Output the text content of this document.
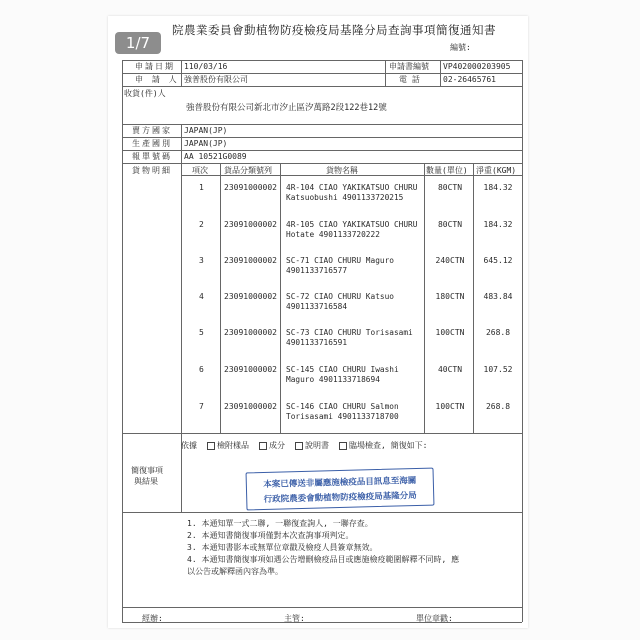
1/7
院農業委員會動植物防疫檢疫局基隆分局查詢事項簡復通知書
編號:
申請日期 110/03/16	申請書編號 VP402000203905
申 請 人 強普股份有限公司	電 話	02-26465761
收貨(件)人
強普股份有限公司新北市汐止區汐萬路2段122巷12號
賣方國家 JAPAN(JP)
生產國別 JAPAN(JP)
報單號碼 AA 10521G0089
貨物明細	項次 貨品分類號列	貨物名稱	數量(單位) 淨重(KGM)
1	23091000002 4R-104 CIAO YAKIKATSUO CHURU
Katsuobushi 4901133720215
80CTN	184.32
2	23091000002 4R-105 CIAO YAKIKATSUO CHURU
Hotate 4901133720222
80CTN	184.32
3	23091000002 SC-71 CIAO CHURU Maguro
4901133716577
240CTN	645.12
4	23091000002 SC-72 CIAO CHURU Katsuo
4901133716584
180CTN	483.84
5	23091000002 SC-73 CIAO CHURU Torisasami
4901133716591
100CTN	268.8
6	23091000002 SC-145 CIAO CHURU Iwashi
Maguro 4901133718694
40CTN	107.52
7	23091000002 SC-146 CIAO CHURU Salmon
Torisasami 4901133718700
100CTN	268.8
簡復事項
與結果
依據	檢附樣品	成分	說明書	臨場檢查, 簡復如下:
本案已傳送非屬應施檢疫品目訊息至海關
行政院農委會動植物防疫檢疫局基隆分局
1. 本通知單一式二聯, 一聯復查詢人, 一聯存查。
2. 本通知書簡復事項僅對本次查詢事項判定。
3. 本通知書影本或無單位章戳及檢疫人員簽章無效。
4. 本通知書簡復事項如遇公告增刪檢疫品目或應施檢疫範圍解釋不同時, 應
以公告或解釋函內容為準。
經辦:	主管:	單位章戳:
